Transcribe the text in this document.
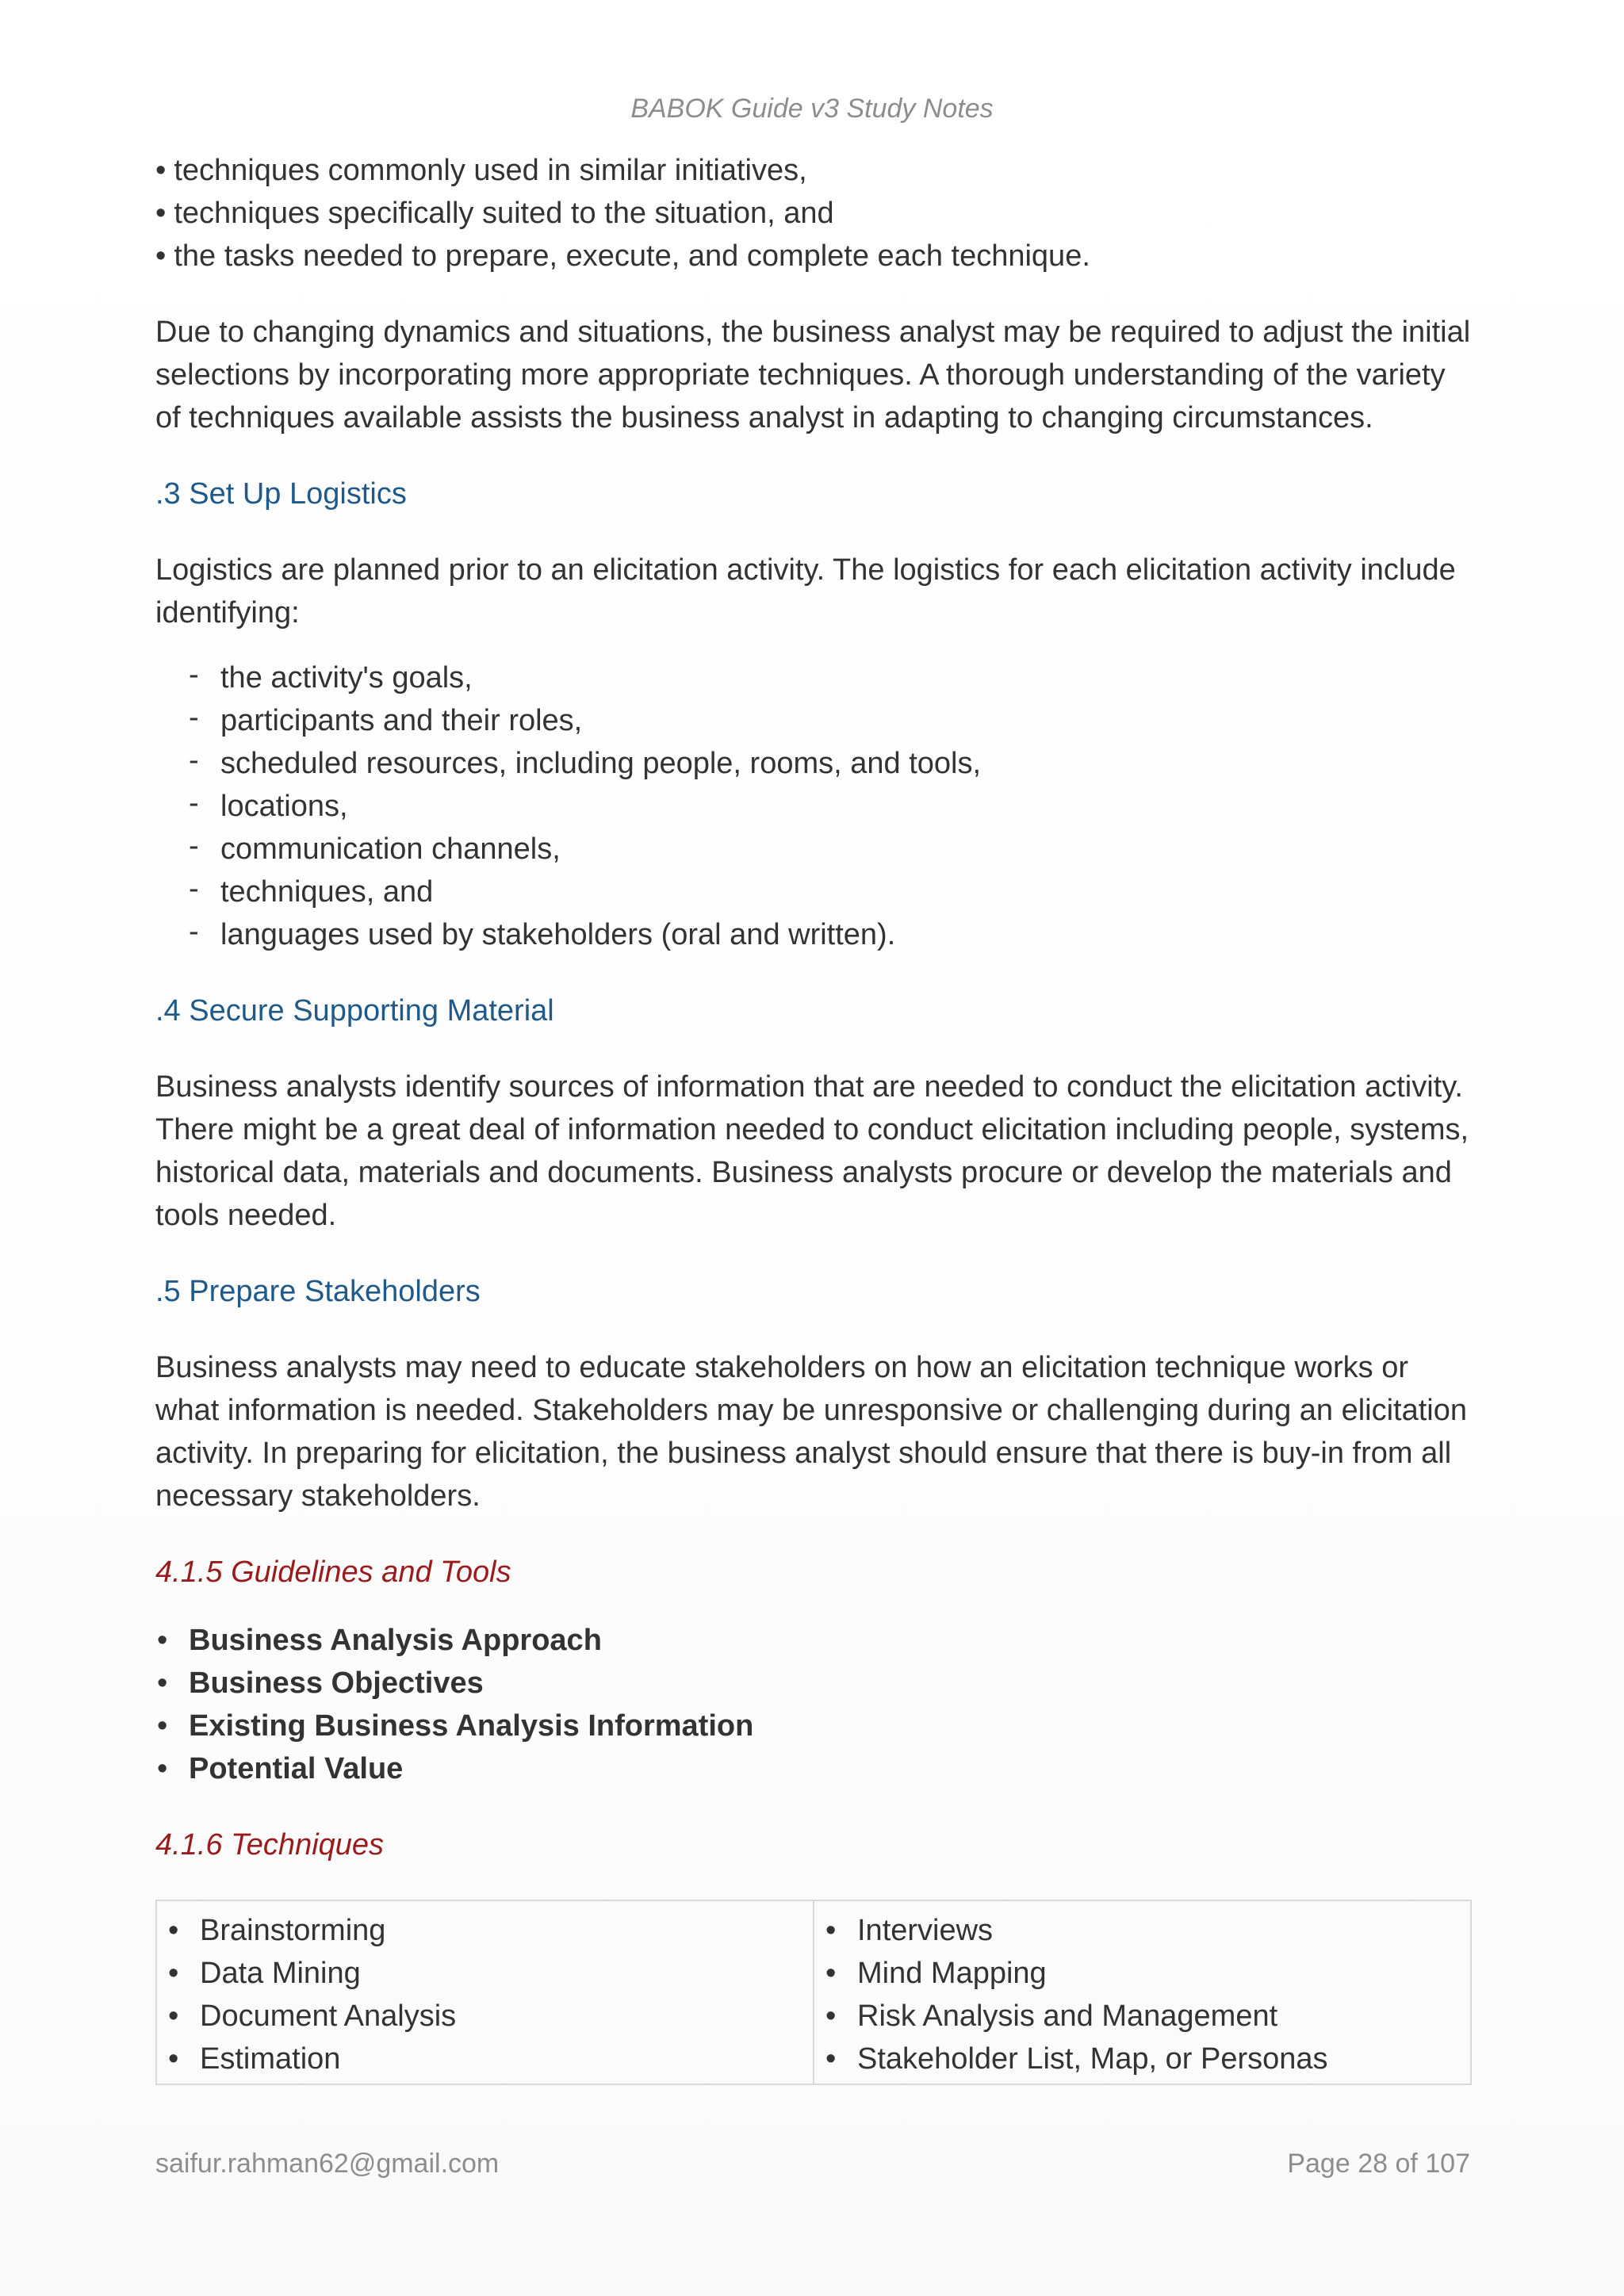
BABOK Guide v3 Study Notes
• techniques commonly used in similar initiatives,
• techniques specifically suited to the situation, and
• the tasks needed to prepare, execute, and complete each technique.

Due to changing dynamics and situations, the business analyst may be required to adjust the initial selections by incorporating more appropriate techniques. A thorough understanding of the variety of techniques available assists the business analyst in adapting to changing circumstances.

.3 Set Up Logistics

Logistics are planned prior to an elicitation activity. The logistics for each elicitation activity include identifying:

- the activity's goals,
- participants and their roles,
- scheduled resources, including people, rooms, and tools,
- locations,
- communication channels,
- techniques, and
- languages used by stakeholders (oral and written).

.4 Secure Supporting Material

Business analysts identify sources of information that are needed to conduct the elicitation activity. There might be a great deal of information needed to conduct elicitation including people, systems, historical data, materials and documents. Business analysts procure or develop the materials and tools needed.

.5 Prepare Stakeholders

Business analysts may need to educate stakeholders on how an elicitation technique works or what information is needed. Stakeholders may be unresponsive or challenging during an elicitation activity. In preparing for elicitation, the business analyst should ensure that there is buy-in from all necessary stakeholders.

4.1.5 Guidelines and Tools

• Business Analysis Approach
• Business Objectives
• Existing Business Analysis Information
• Potential Value

4.1.6 Techniques

• Brainstorming
• Data Mining
• Document Analysis
• Estimation

• Interviews
• Mind Mapping
• Risk Analysis and Management
• Stakeholder List, Map, or Personas
saifur.rahman62@gmail.com	Page 28 of 107
